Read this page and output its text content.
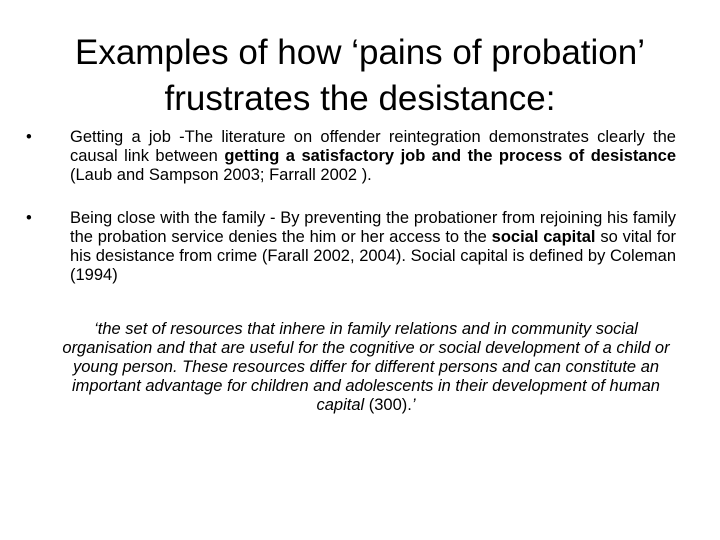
Examples of how ‘pains of probation’ frustrates the desistance:
•	Getting a job -The literature on offender reintegration demonstrates clearly the causal link between getting a satisfactory job and the process of desistance (Laub and Sampson 2003; Farrall 2002 ).
•	Being close with the family - By preventing the probationer from rejoining his family the probation service denies the him or her access to the social capital so vital for his desistance from crime (Farall 2002, 2004). Social capital is defined by Coleman (1994)
‘the set of resources that inhere in family relations and in community social organisation and that are useful for the cognitive or social development of a child or young person. These resources differ for different persons and can constitute an important advantage for children and adolescents in their development of human capital (300).’
